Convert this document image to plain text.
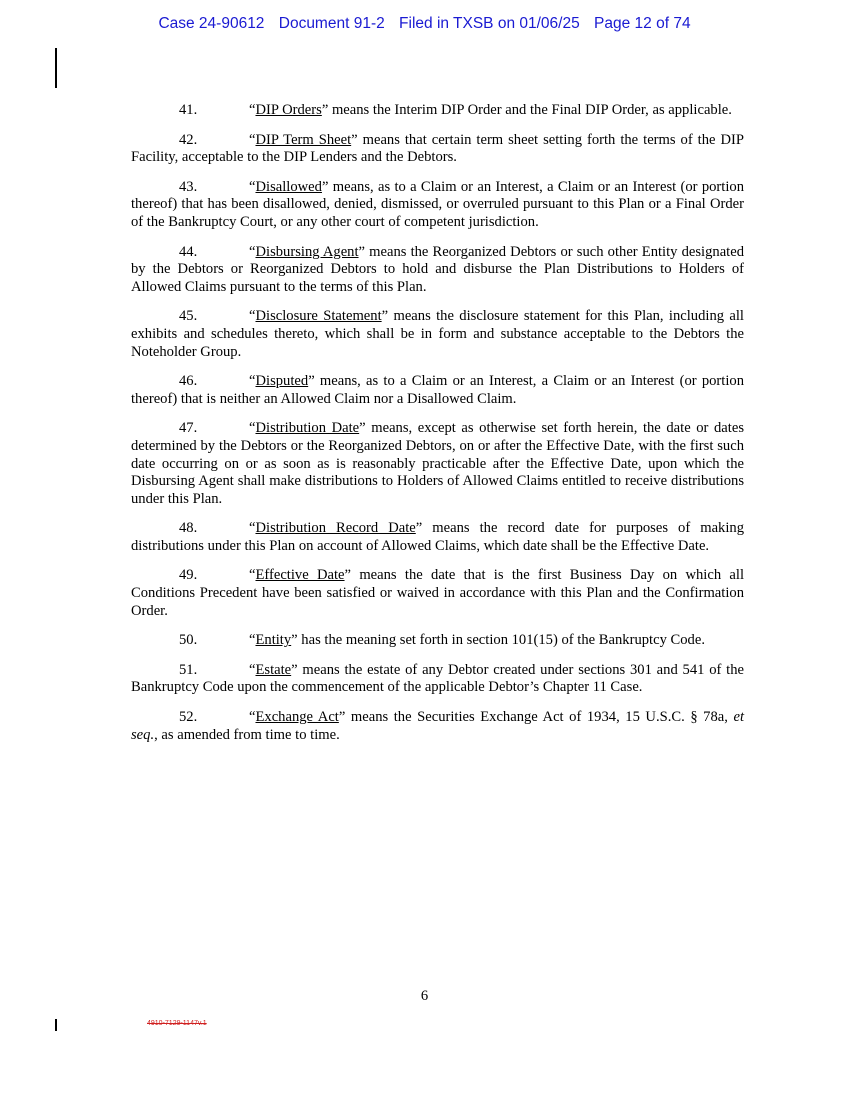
Case 24-90612 Document 91-2 Filed in TXSB on 01/06/25 Page 12 of 74

41.	“DIP Orders” means the Interim DIP Order and the Final DIP Order, as applicable.

42.	“DIP Term Sheet” means that certain term sheet setting forth the terms of the DIP Facility, acceptable to the DIP Lenders and the Debtors.

43.	“Disallowed” means, as to a Claim or an Interest, a Claim or an Interest (or portion thereof) that has been disallowed, denied, dismissed, or overruled pursuant to this Plan or a Final Order of the Bankruptcy Court, or any other court of competent jurisdiction.

44.	“Disbursing Agent” means the Reorganized Debtors or such other Entity designated by the Debtors or Reorganized Debtors to hold and disburse the Plan Distributions to Holders of Allowed Claims pursuant to the terms of this Plan.

45.	“Disclosure Statement” means the disclosure statement for this Plan, including all exhibits and schedules thereto, which shall be in form and substance acceptable to the Debtors the Noteholder Group.

46.	“Disputed” means, as to a Claim or an Interest, a Claim or an Interest (or portion thereof) that is neither an Allowed Claim nor a Disallowed Claim.

47.	“Distribution Date” means, except as otherwise set forth herein, the date or dates determined by the Debtors or the Reorganized Debtors, on or after the Effective Date, with the first such date occurring on or as soon as is reasonably practicable after the Effective Date, upon which the Disbursing Agent shall make distributions to Holders of Allowed Claims entitled to receive distributions under this Plan.

48.	“Distribution Record Date” means the record date for purposes of making distributions under this Plan on account of Allowed Claims, which date shall be the Effective Date.

49.	“Effective Date” means the date that is the first Business Day on which all Conditions Precedent have been satisfied or waived in accordance with this Plan and the Confirmation Order.

50.	“Entity” has the meaning set forth in section 101(15) of the Bankruptcy Code.

51.	“Estate” means the estate of any Debtor created under sections 301 and 541 of the Bankruptcy Code upon the commencement of the applicable Debtor’s Chapter 11 Case.

52.	“Exchange Act” means the Securities Exchange Act of 1934, 15 U.S.C. § 78a, et seq., as amended from time to time.

6
4910-7129-1147v.1
